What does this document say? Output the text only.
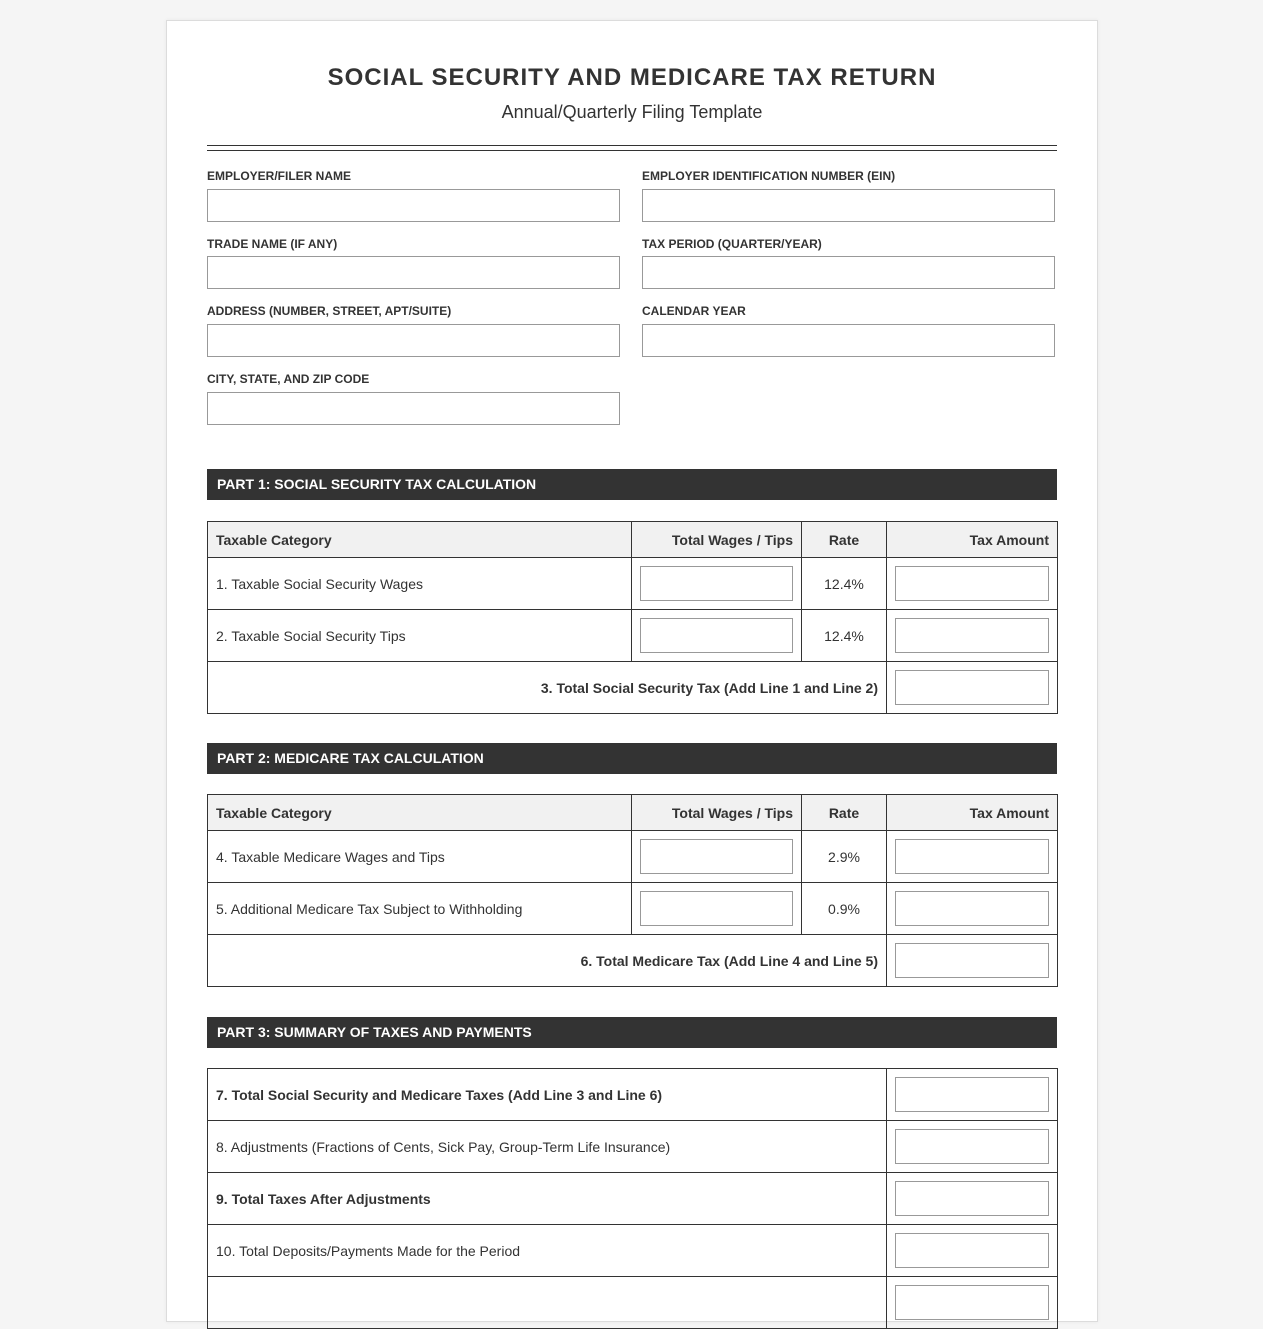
SOCIAL SECURITY AND MEDICARE TAX RETURN
Annual/Quarterly Filing Template
EMPLOYER/FILER NAME	EMPLOYER IDENTIFICATION NUMBER (EIN)
TRADE NAME (IF ANY)	TAX PERIOD (QUARTER/YEAR)
ADDRESS (NUMBER, STREET, APT/SUITE)	CALENDAR YEAR
CITY, STATE, AND ZIP CODE
PART 1: SOCIAL SECURITY TAX CALCULATION
Taxable Category	Total Wages / Tips	Rate	Tax Amount
1. Taxable Social Security Wages		12.4%	

2. Taxable Social Security Tips		12.4%	

3. Total Social Security Tax (Add Line 1 and Line 2)			
PART 2: MEDICARE TAX CALCULATION
Taxable Category	Total Wages / Tips	Rate	Tax Amount
4. Taxable Medicare Wages and Tips		2.9%	

5. Additional Medicare Tax Subject to Withholding		0.9%	

6. Total Medicare Tax (Add Line 4 and Line 5)			
PART 3: SUMMARY OF TAXES AND PAYMENTS
7. Total Social Security and Medicare Taxes (Add Line 3 and Line 6)	

8. Adjustments (Fractions of Cents, Sick Pay, Group-Term Life Insurance)	

9. Total Taxes After Adjustments	

10. Total Deposits/Payments Made for the Period	
